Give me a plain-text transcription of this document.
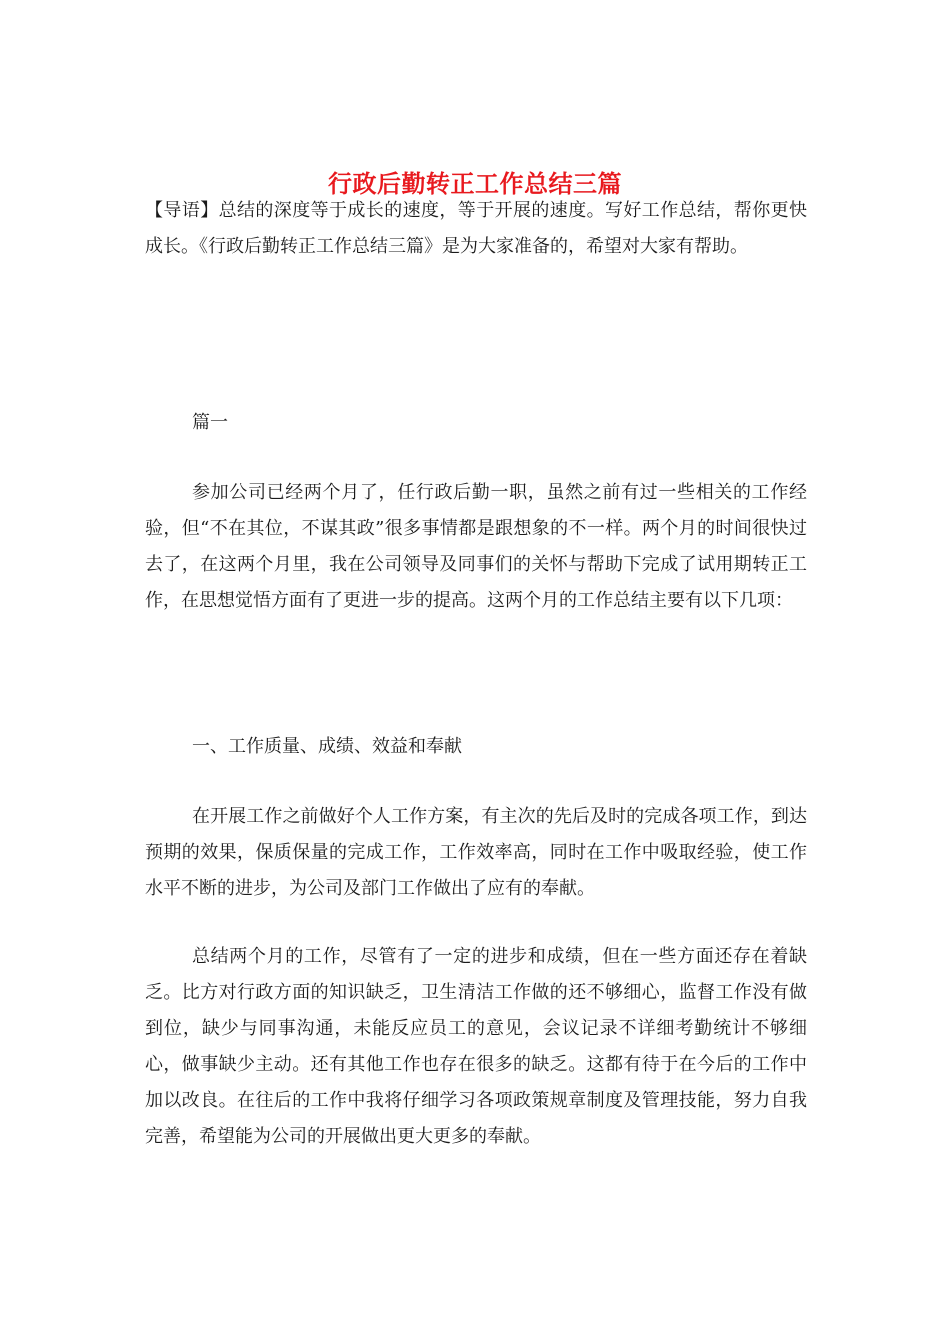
行政后勤转正工作总结三篇

【导语】总结的深度等于成长的速度，等于开展的速度。写好工作总结，帮你更快成长。《行政后勤转正工作总结三篇》是为大家准备的，希望对大家有帮助。

篇一

参加公司已经两个月了，任行政后勤一职，虽然之前有过一些相关的工作经验，但“不在其位，不谋其政”很多事情都是跟想象的不一样。两个月的时间很快过去了，在这两个月里，我在公司领导及同事们的关怀与帮助下完成了试用期转正工作，在思想觉悟方面有了更进一步的提高。这两个月的工作总结主要有以下几项：

一、工作质量、成绩、效益和奉献

在开展工作之前做好个人工作方案，有主次的先后及时的完成各项工作，到达预期的效果，保质保量的完成工作，工作效率高，同时在工作中吸取经验，使工作水平不断的进步，为公司及部门工作做出了应有的奉献。

总结两个月的工作，尽管有了一定的进步和成绩，但在一些方面还存在着缺乏。比方对行政方面的知识缺乏，卫生清洁工作做的还不够细心，监督工作没有做到位，缺少与同事沟通，未能反应员工的意见，会议记录不详细考勤统计不够细心，做事缺少主动。还有其他工作也存在很多的缺乏。这都有待于在今后的工作中加以改良。在往后的工作中我将仔细学习各项政策规章制度及管理技能，努力自我完善，希望能为公司的开展做出更大更多的奉献。
